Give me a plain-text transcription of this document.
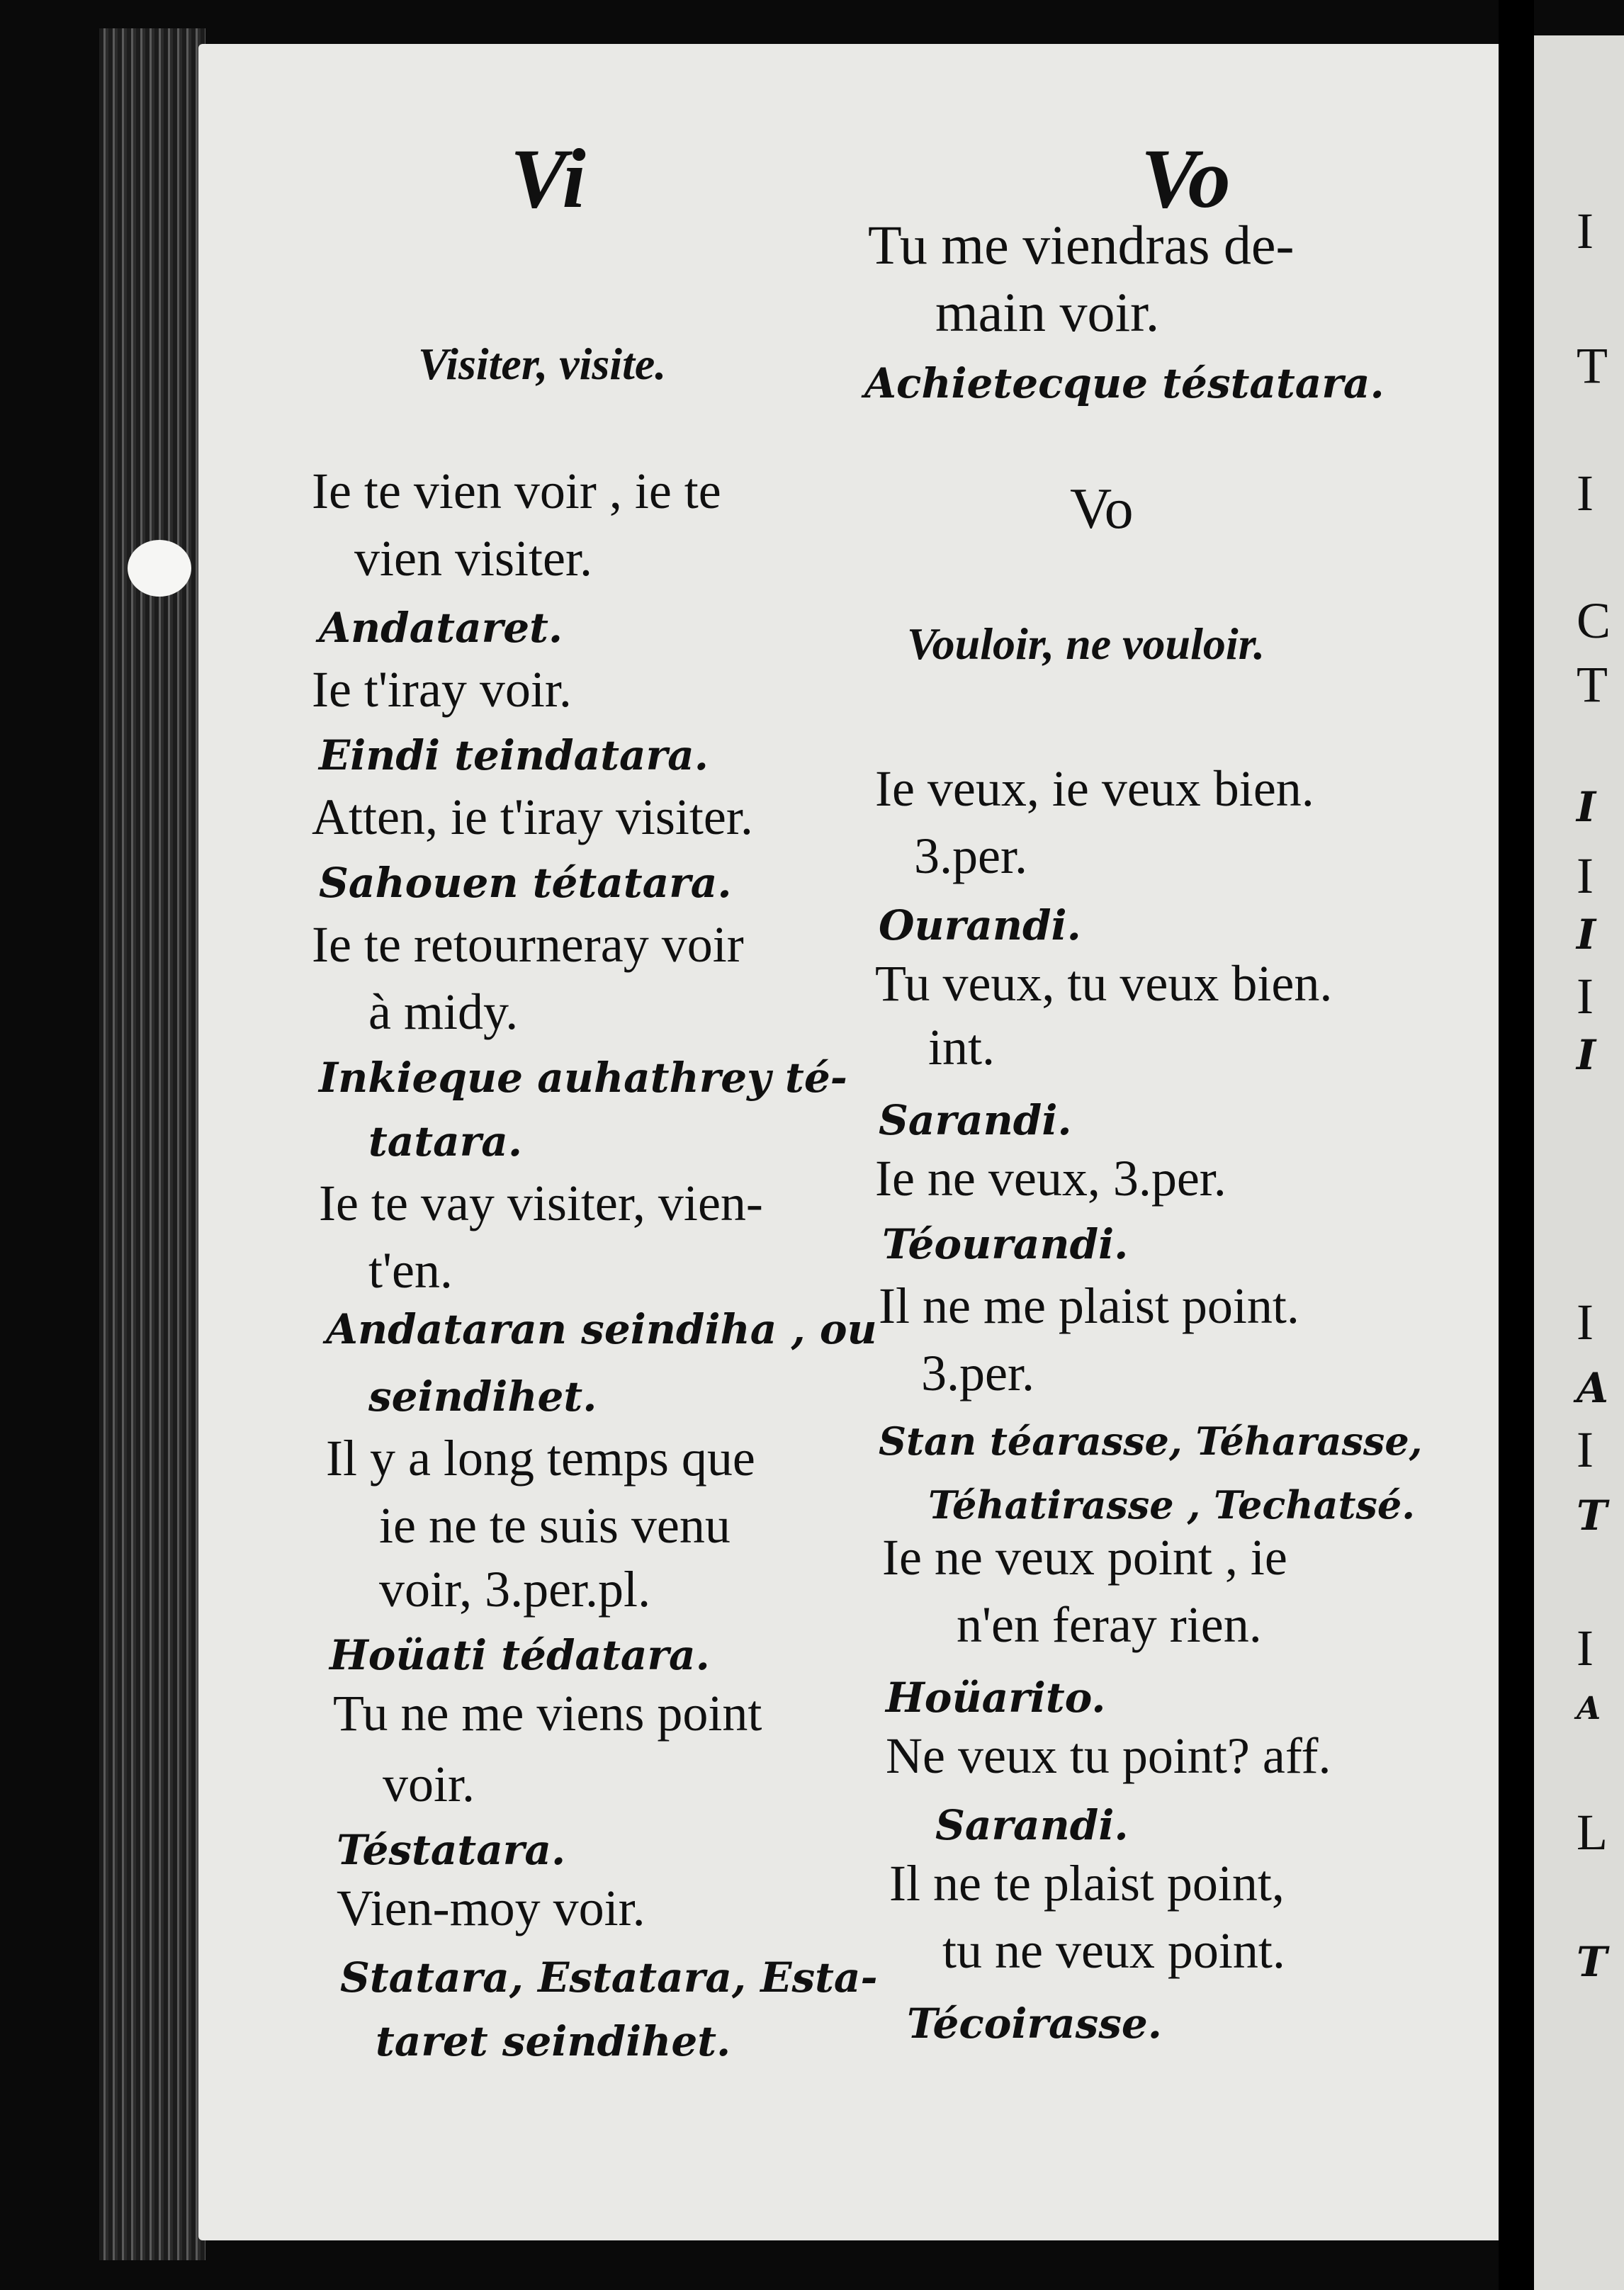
Vi	Vo
Visiter, visite.
Ie te vien voir , ie te
vien visiter.
Andataret.
Ie t'iray voir.
Eindi teindatara.
Atten, ie t'iray visiter.
Sahouen tétatara.
Ie te retourneray voir
à midy.
Inkieque auhathrey té-
tatara.
Ie te vay visiter, vien-
t'en.
Andataran seindiha , ou
seindihet.
Il y a long temps que
ie ne te suis venu
voir, 3.per.pl.
Hoüati tédatara.
Tu ne me viens point
voir.
Téstatara.
Vien-moy voir.
Statara, Estatara, Esta-
taret seindihet.
Tu me viendras de-
main voir.
Achietecque téstatara.
Vo
Vouloir, ne vouloir.
Ie veux, ie veux bien.
3.per.
Ourandi.
Tu veux, tu veux bien.
int.
Sarandi.
Ie ne veux, 3.per.
Téourandi.
Il ne me plaist point.
3.per.
Stan téarasse, Téharasse,
Téhatirasse , Techatsé.
Ie ne veux point , ie
n'en feray rien.
Hoüarito.
Ne veux tu point? aff.
Sarandi.
Il ne te plaist point,
tu ne veux point.
Técoirasse.
I
T
I
C
T
I
I
I
I
I
I
A
I
T
I
A
L
T
